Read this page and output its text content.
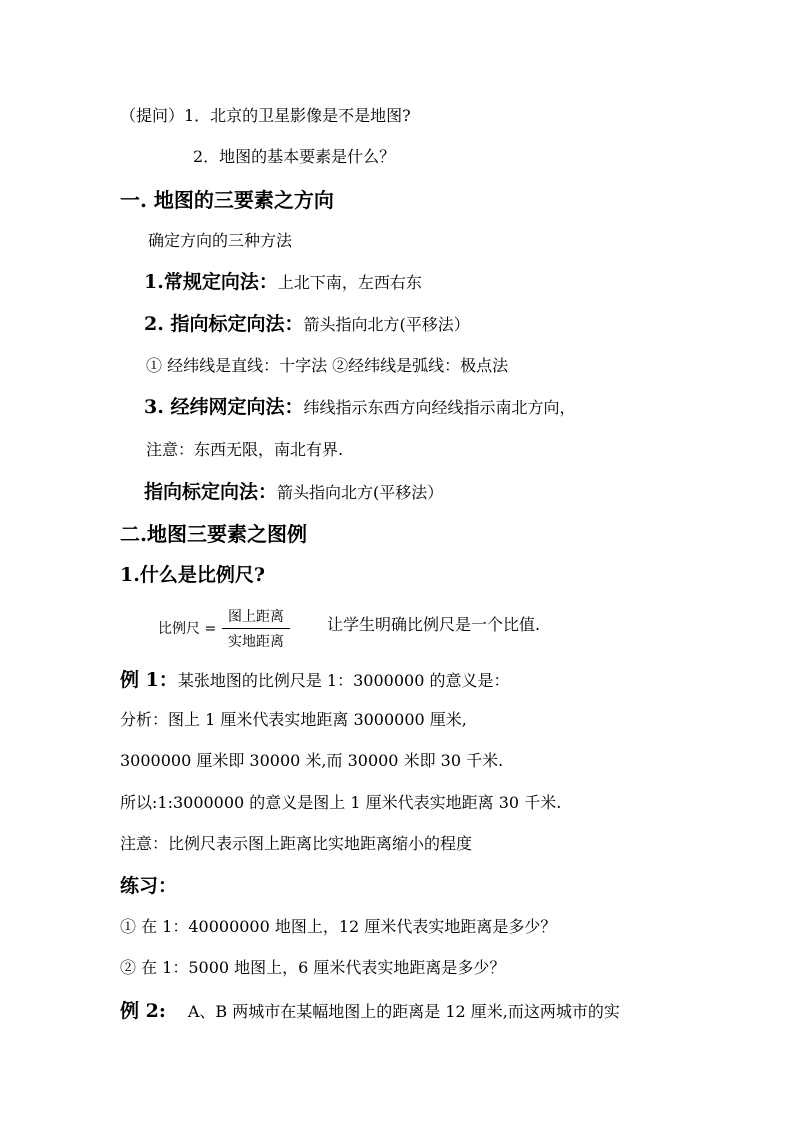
（提问）1．北京的卫星影像是不是地图?
2．地图的基本要素是什么？
一. 地图的三要素之方向
确定方向的三种方法
1.常规定向法：上北下南，左西右东
2. 指向标定向法：箭头指向北方(平移法）
① 经纬线是直线：十字法 ②经纬线是弧线：极点法
3. 经纬网定向法：纬线指示东西方向经线指示南北方向，
注意：东西无限，南北有界.
指向标定向法：箭头指向北方(平移法）
二.地图三要素之图例
1.什么是比例尺?
比例尺 =
图上距离
实地距离
让学生明确比例尺是一个比值.
例 1：某张地图的比例尺是 1：3000000 的意义是：
分析：图上 1 厘米代表实地距离 3000000 厘米,
3000000 厘米即 30000 米,而 30000 米即 30 千米.
所以:1:3000000 的意义是图上 1 厘米代表实地距离 30 千米.
注意：比例尺表示图上距离比实地距离缩小的程度
练习：
① 在 1：40000000 地图上，12 厘米代表实地距离是多少？
② 在 1：5000 地图上，6 厘米代表实地距离是多少？
例 2: A、B 两城市在某幅地图上的距离是 12 厘米,而这两城市的实
